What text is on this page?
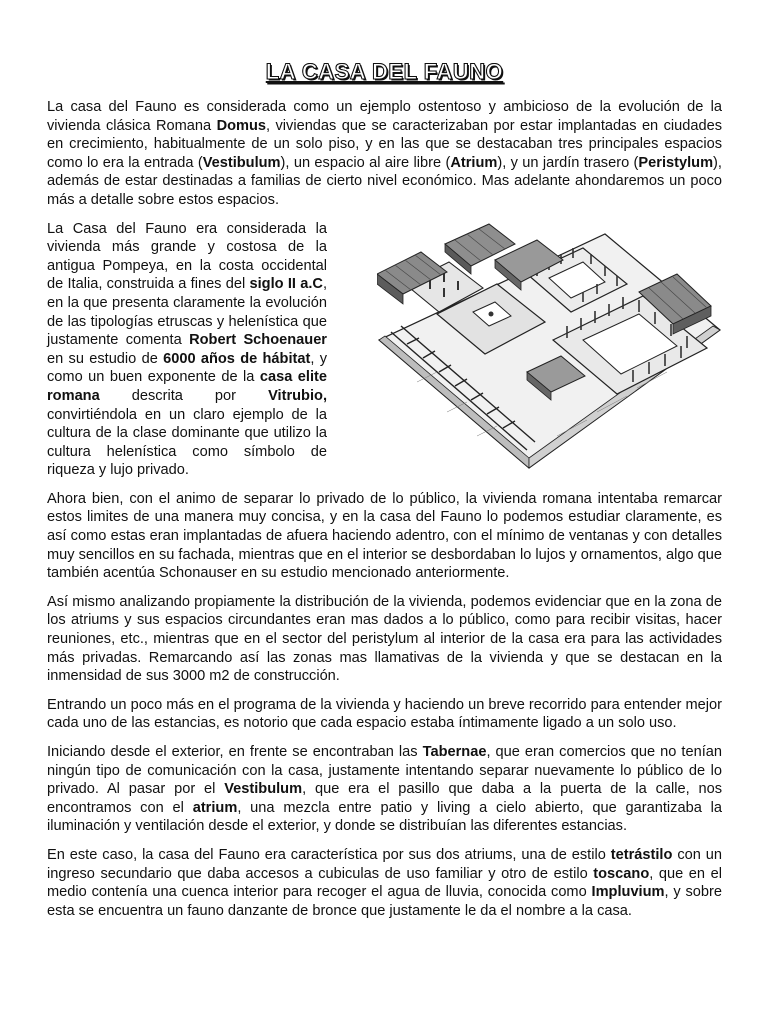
LA CASA DEL FAUNO

La casa del Fauno es considerada como un ejemplo ostentoso y ambicioso de la evolución de la vivienda clásica Romana Domus, viviendas que se caracterizaban por estar implantadas en ciudades en crecimiento, habitualmente de un solo piso, y en las que se destacaban tres principales espacios como lo era la entrada (Vestibulum), un espacio al aire libre (Atrium), y un jardín trasero (Peristylum), además de estar destinadas a familias de cierto nivel económico. Mas adelante ahondaremos un poco más a detalle sobre estos espacios.

La Casa del Fauno era considerada la vivienda más grande y costosa de la antigua Pompeya, en la costa occidental de Italia, construida a fines del siglo II a.C, en la que presenta claramente la evolución de las tipologías etruscas y helenística que justamente comenta Robert Schoenauer en su estudio de 6000 años de hábitat, y como un buen exponente de la casa elite romana descrita por Vitrubio, convirtiéndola en un claro ejemplo de la cultura de la clase dominante que utilizo la cultura helenística como símbolo de riqueza y lujo privado.

Ahora bien, con el animo de separar lo privado de lo público, la vivienda romana intentaba remarcar estos limites de una manera muy concisa, y en la casa del Fauno lo podemos estudiar claramente, es así como estas eran implantadas de afuera haciendo adentro, con el mínimo de ventanas y con detalles muy sencillos en su fachada, mientras que en el interior se desbordaban lo lujos y ornamentos, algo que también acentúa Schonauser en su estudio mencionado anteriormente.

Así mismo analizando propiamente la distribución de la vivienda, podemos evidenciar que en la zona de los atriums y sus espacios circundantes eran mas dados a lo público, como para recibir visitas, hacer reuniones, etc., mientras que en el sector del peristylum al interior de la casa era para las actividades más privadas. Remarcando así las zonas mas llamativas de la vivienda y que se destacan en la inmensidad de sus 3000 m2 de construcción.

Entrando un poco más en el programa de la vivienda y haciendo un breve recorrido para entender mejor cada uno de las estancias, es notorio que cada espacio estaba íntimamente ligado a un solo uso.

Iniciando desde el exterior, en frente se encontraban las Tabernae, que eran comercios que no tenían ningún tipo de comunicación con la casa, justamente intentando separar nuevamente lo público de lo privado. Al pasar por el Vestibulum, que era el pasillo que daba a la puerta de la calle, nos encontramos con el atrium, una mezcla entre patio y living a cielo abierto, que garantizaba la iluminación y ventilación desde el exterior, y donde se distribuían las diferentes estancias.

En este caso, la casa del Fauno era característica por sus dos atriums, una de estilo tetrástilo con un ingreso secundario que daba accesos a cubiculas de uso familiar y otro de estilo toscano, que en el medio contenía una cuenca interior para recoger el agua de lluvia, conocida como Impluvium, y sobre esta se encuentra un fauno danzante de bronce que justamente le da el nombre a la casa.
